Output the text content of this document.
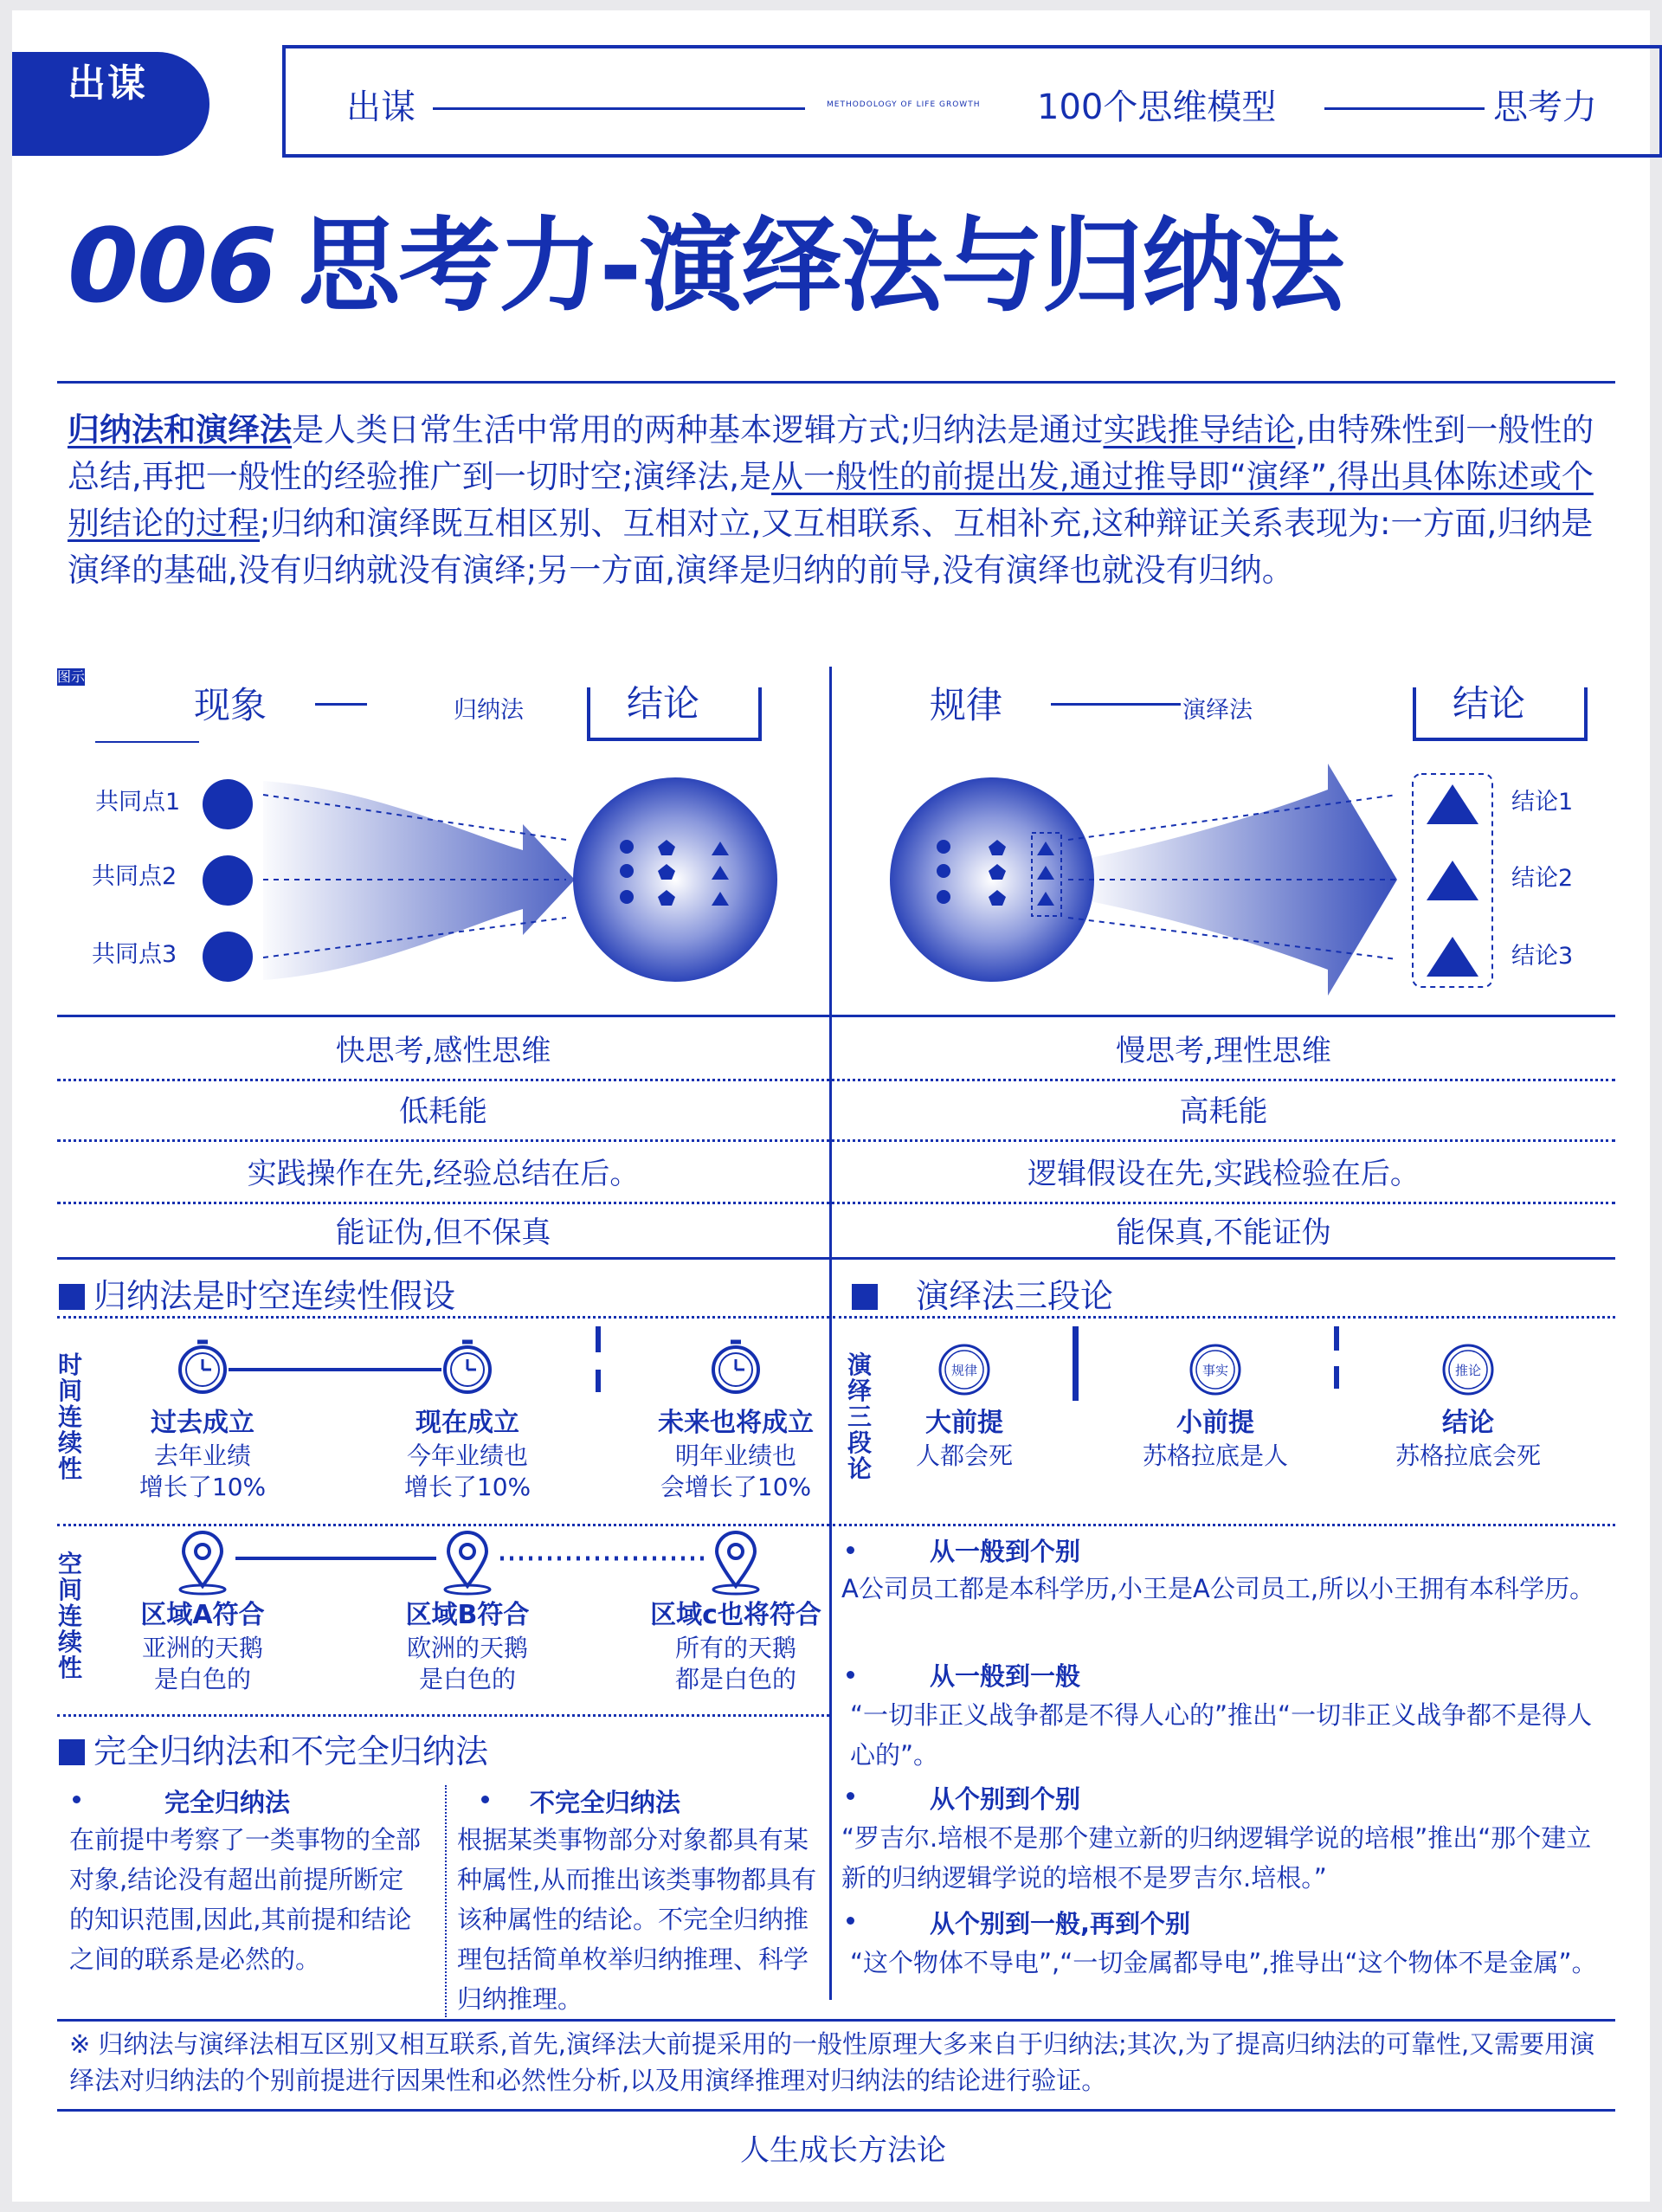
出谋
出谋	METHODOLOGY OF LIFE GROWTH 100个思维模型	思考力
006 思考力-演绎法与归纳法
归纳法和演绎法是人类日常生活中常用的两种基本逻辑方式;归纳法是通过实践推导结论,由特殊性到一般性的总结,再把一般性的经验推广到一切时空;演绎法,是从一般性的前提出发,通过推导即“演绎”,得出具体陈述或个别结论的过程;归纳和演绎既互相区别、互相对立,又互相联系、互相补充,这种辩证关系表现为:一方面,归纳是演绎的基础,没有归纳就没有演绎;另一方面,演绎是归纳的前导,没有演绎也就没有归纳。
图示
现象	归纳法	结论	规律	演绎法	结论
共同点1
共同点2
共同点3
结论1
结论2
结论3
快思考,感性思维	慢思考,理性思维
低耗能	高耗能
实践操作在先,经验总结在后。	逻辑假设在先,实践检验在后。
能证伪,但不保真	能保真,不能证伪
归纳法是时空连续性假设
时间连续性
过去成立
去年业绩
增长了10%
现在成立
今年业绩也
增长了10%
未来也将成立
明年业绩也
会增长了10%
空间连续性
区域A符合
亚洲的天鹅
是白色的
区域B符合
欧洲的天鹅
是白色的
区域c也将符合
所有的天鹅
都是白色的
完全归纳法和不完全归纳法
完全归纳法
在前提中考察了一类事物的全部对象,结论没有超出前提所断定的知识范围,因此,其前提和结论之间的联系是必然的。
不完全归纳法
根据某类事物部分对象都具有某种属性,从而推出该类事物都具有该种属性的结论。不完全归纳推理包括简单枚举归纳推理、科学归纳推理。
演绎法三段论
演绎三段论
规律	事实	推论
大前提
人都会死
小前提
苏格拉底是人
结论
苏格拉底会死
从一般到个别
A公司员工都是本科学历,小王是A公司员工,所以小王拥有本科学历。
从一般到一般
“一切非正义战争都是不得人心的”推出“一切非正义战争都不是得人心的”。
从个别到个别
“罗吉尔.培根不是那个建立新的归纳逻辑学说的培根”推出“那个建立新的归纳逻辑学说的培根不是罗吉尔.培根。”
从个别到一般,再到个别
“这个物体不导电”,“一切金属都导电”,推导出“这个物体不是金属”。
※ 归纳法与演绎法相互区别又相互联系,首先,演绎法大前提采用的一般性原理大多来自于归纳法;其次,为了提高归纳法的可靠性,又需要用演绎法对归纳法的个别前提进行因果性和必然性分析,以及用演绎推理对归纳法的结论进行验证。
人生成长方法论
